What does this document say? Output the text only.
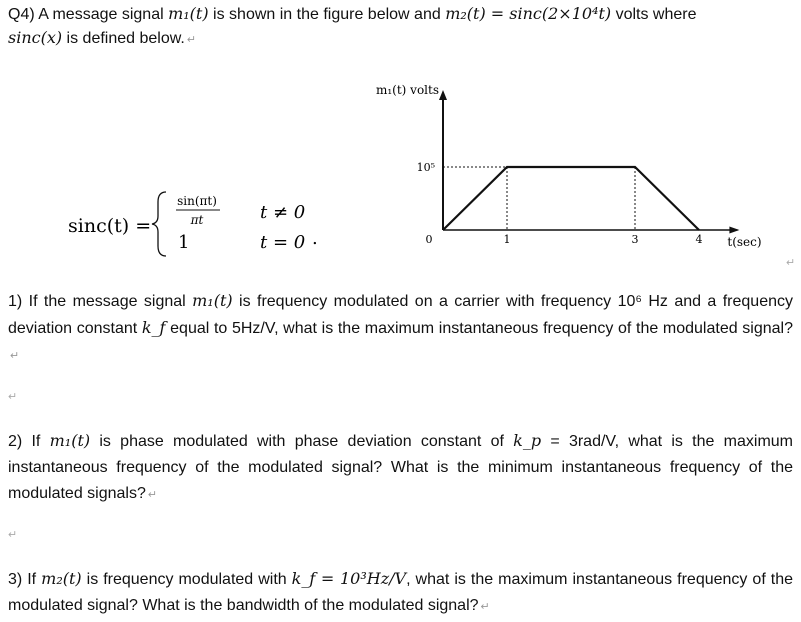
Q4) A message signal m₁(t) is shown in the figure below and m₂(t) = sinc(2×10⁴t) volts where
sinc(x) is defined below. ↵
sinc(t) =
sin(πt)
πt
1
t ≠ 0
t = 0 .	0	1	3	4
10⁵
m₁(t) volts
t(sec)
↵
1) If the message signal m₁(t) is frequency modulated on a carrier with frequency 10⁶ Hz and a frequency deviation constant k_f equal to 5Hz/V, what is the maximum instantaneous frequency of the modulated signal?↵
↵
2) If m₁(t) is phase modulated with phase deviation constant of k_p = 3rad/V, what is the maximum instantaneous frequency of the modulated signal? What is the minimum instantaneous frequency of the modulated signals? ↵
↵
3) If m₂(t) is frequency modulated with k_f = 10³Hz/V, what is the maximum instantaneous frequency of the modulated signal? What is the bandwidth of the modulated signal? ↵
